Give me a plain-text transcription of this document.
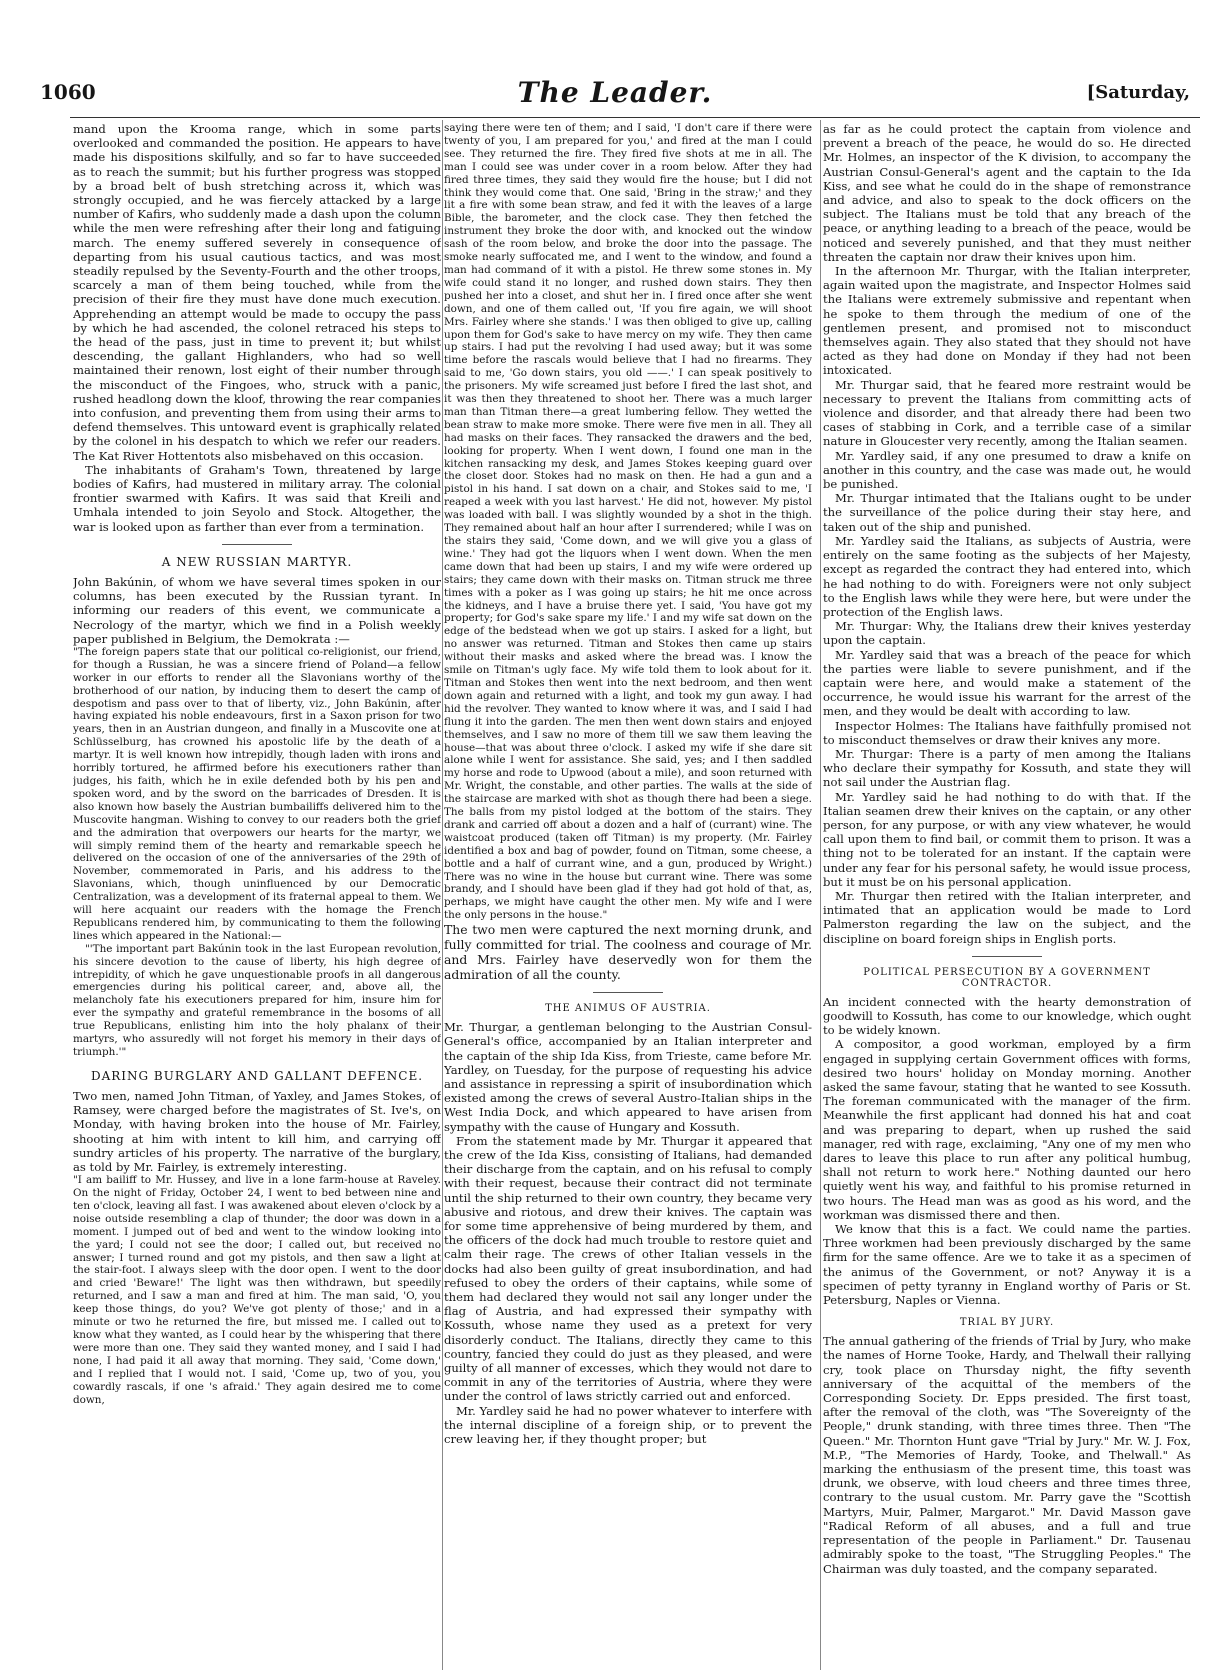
1060	The Leader.	[Saturday,

mand upon the Krooma range, which in some parts overlooked and commanded the position. He appears to have made his dispositions skilfully, and so far to have succeeded as to reach the summit; but his further progress was stopped by a broad belt of bush stretching across it, which was strongly occupied, and he was fiercely attacked by a large number of Kafirs, who suddenly made a dash upon the column while the men were refreshing after their long and fatiguing march. The enemy suffered severely in consequence of departing from his usual cautious tactics, and was most steadily repulsed by the Seventy-Fourth and the other troops, scarcely a man of them being touched, while from the precision of their fire they must have done much execution. Apprehending an attempt would be made to occupy the pass by which he had ascended, the colonel retraced his steps to the head of the pass, just in time to prevent it; but whilst descending, the gallant Highlanders, who had so well maintained their renown, lost eight of their number through the misconduct of the Fingoes, who, struck with a panic, rushed headlong down the kloof, throwing the rear companies into confusion, and preventing them from using their arms to defend themselves. This untoward event is graphically related by the colonel in his despatch to which we refer our readers. The Kat River Hottentots also misbehaved on this occasion.

The inhabitants of Graham's Town, threatened by large bodies of Kafirs, had mustered in military array. The colonial frontier swarmed with Kafirs. It was said that Kreili and Umhala intended to join Seyolo and Stock. Altogether, the war is looked upon as farther than ever from a termination.

A NEW RUSSIAN MARTYR.

John Bakúnin, of whom we have several times spoken in our columns, has been executed by the Russian tyrant. In informing our readers of this event, we communicate a Necrology of the martyr, which we find in a Polish weekly paper published in Belgium, the Demokrata :—

"The foreign papers state that our political co-religionist, our friend, for though a Russian, he was a sincere friend of Poland—a fellow worker in our efforts to render all the Slavonians worthy of the brotherhood of our nation, by inducing them to desert the camp of despotism and pass over to that of liberty, viz., John Bakúnin, after having expiated his noble endeavours, first in a Saxon prison for two years, then in an Austrian dungeon, and finally in a Muscovite one at Schlüsselburg, has crowned his apostolic life by the death of a martyr. It is well known how intrepidly, though laden with irons and horribly tortured, he affirmed before his executioners rather than judges, his faith, which he in exile defended both by his pen and spoken word, and by the sword on the barricades of Dresden. It is also known how basely the Austrian bumbailiffs delivered him to the Muscovite hangman. Wishing to convey to our readers both the grief and the admiration that overpowers our hearts for the martyr, we will simply remind them of the hearty and remarkable speech he delivered on the occasion of one of the anniversaries of the 29th of November, commemorated in Paris, and his address to the Slavonians, which, though uninfluenced by our Democratic Centralization, was a development of its fraternal appeal to them. We will here acquaint our readers with the homage the French Republicans rendered him, by communicating to them the following lines which appeared in the National:—

"'The important part Bakúnin took in the last European revolution, his sincere devotion to the cause of liberty, his high degree of intrepidity, of which he gave unquestionable proofs in all dangerous emergencies during his political career, and, above all, the melancholy fate his executioners prepared for him, insure him for ever the sympathy and grateful remembrance in the bosoms of all true Republicans, enlisting him into the holy phalanx of their martyrs, who assuredly will not forget his memory in their days of triumph.'"

DARING BURGLARY AND GALLANT DEFENCE.

Two men, named John Titman, of Yaxley, and James Stokes, of Ramsey, were charged before the magistrates of St. Ive's, on Monday, with having broken into the house of Mr. Fairley, shooting at him with intent to kill him, and carrying off sundry articles of his property. The narrative of the burglary, as told by Mr. Fairley, is extremely interesting.

"I am bailiff to Mr. Hussey, and live in a lone farm-house at Raveley. On the night of Friday, October 24, I went to bed between nine and ten o'clock, leaving all fast. I was awakened about eleven o'clock by a noise outside resembling a clap of thunder; the door was down in a moment. I jumped out of bed and went to the window looking into the yard; I could not see the door; I called out, but received no answer; I turned round and got my pistols, and then saw a light at the stair-foot. I always sleep with the door open. I went to the door and cried 'Beware!' The light was then withdrawn, but speedily returned, and I saw a man and fired at him. The man said, 'O, you keep those things, do you? We've got plenty of those;' and in a minute or two he returned the fire, but missed me. I called out to know what they wanted, as I could hear by the whispering that there were more than one. They said they wanted money, and I said I had none, I had paid it all away that morning. They said, 'Come down,' and I replied that I would not. I said, 'Come up, two of you, you cowardly rascals, if one 's afraid.' They again desired me to come down,

saying there were ten of them; and I said, 'I don't care if there were twenty of you, I am prepared for you,' and fired at the man I could see. They returned the fire. They fired five shots at me in all. The man I could see was under cover in a room below. After they had fired three times, they said they would fire the house; but I did not think they would come that. One said, 'Bring in the straw;' and they lit a fire with some bean straw, and fed it with the leaves of a large Bible, the barometer, and the clock case. They then fetched the instrument they broke the door with, and knocked out the window sash of the room below, and broke the door into the passage. The smoke nearly suffocated me, and I went to the window, and found a man had command of it with a pistol. He threw some stones in. My wife could stand it no longer, and rushed down stairs. They then pushed her into a closet, and shut her in. I fired once after she went down, and one of them called out, 'If you fire again, we will shoot Mrs. Fairley where she stands.' I was then obliged to give up, calling upon them for God's sake to have mercy on my wife. They then came up stairs. I had put the revolving I had used away; but it was some time before the rascals would believe that I had no firearms. They said to me, 'Go down stairs, you old ——.' I can speak positively to the prisoners. My wife screamed just before I fired the last shot, and it was then they threatened to shoot her. There was a much larger man than Titman there—a great lumbering fellow. They wetted the bean straw to make more smoke. There were five men in all. They all had masks on their faces. They ransacked the drawers and the bed, looking for property. When I went down, I found one man in the kitchen ransacking my desk, and James Stokes keeping guard over the closet door. Stokes had no mask on then. He had a gun and a pistol in his hand. I sat down on a chair, and Stokes said to me, 'I reaped a week with you last harvest.' He did not, however. My pistol was loaded with ball. I was slightly wounded by a shot in the thigh. They remained about half an hour after I surrendered; while I was on the stairs they said, 'Come down, and we will give you a glass of wine.' They had got the liquors when I went down. When the men came down that had been up stairs, I and my wife were ordered up stairs; they came down with their masks on. Titman struck me three times with a poker as I was going up stairs; he hit me once across the kidneys, and I have a bruise there yet. I said, 'You have got my property; for God's sake spare my life.' I and my wife sat down on the edge of the bedstead when we got up stairs. I asked for a light, but no answer was returned. Titman and Stokes then came up stairs without their masks and asked where the bread was. I know the smile on Titman's ugly face. My wife told them to look about for it. Titman and Stokes then went into the next bedroom, and then went down again and returned with a light, and took my gun away. I had hid the revolver. They wanted to know where it was, and I said I had flung it into the garden. The men then went down stairs and enjoyed themselves, and I saw no more of them till we saw them leaving the house—that was about three o'clock. I asked my wife if she dare sit alone while I went for assistance. She said, yes; and I then saddled my horse and rode to Upwood (about a mile), and soon returned with Mr. Wright, the constable, and other parties. The walls at the side of the staircase are marked with shot as though there had been a siege. The balls from my pistol lodged at the bottom of the stairs. They drank and carried off about a dozen and a half of (currant) wine. The waistcoat produced (taken off Titman) is my property. (Mr. Fairley identified a box and bag of powder, found on Titman, some cheese, a bottle and a half of currant wine, and a gun, produced by Wright.) There was no wine in the house but currant wine. There was some brandy, and I should have been glad if they had got hold of that, as, perhaps, we might have caught the other men. My wife and I were the only persons in the house."

The two men were captured the next morning drunk, and fully committed for trial. The coolness and courage of Mr. and Mrs. Fairley have deservedly won for them the admiration of all the county.

THE ANIMUS OF AUSTRIA.

Mr. Thurgar, a gentleman belonging to the Austrian Consul-General's office, accompanied by an Italian interpreter and the captain of the ship Ida Kiss, from Trieste, came before Mr. Yardley, on Tuesday, for the purpose of requesting his advice and assistance in repressing a spirit of insubordination which existed among the crews of several Austro-Italian ships in the West India Dock, and which appeared to have arisen from sympathy with the cause of Hungary and Kossuth.

From the statement made by Mr. Thurgar it appeared that the crew of the Ida Kiss, consisting of Italians, had demanded their discharge from the captain, and on his refusal to comply with their request, because their contract did not terminate until the ship returned to their own country, they became very abusive and riotous, and drew their knives. The captain was for some time apprehensive of being murdered by them, and the officers of the dock had much trouble to restore quiet and calm their rage. The crews of other Italian vessels in the docks had also been guilty of great insubordination, and had refused to obey the orders of their captains, while some of them had declared they would not sail any longer under the flag of Austria, and had expressed their sympathy with Kossuth, whose name they used as a pretext for very disorderly conduct. The Italians, directly they came to this country, fancied they could do just as they pleased, and were guilty of all manner of excesses, which they would not dare to commit in any of the territories of Austria, where they were under the control of laws strictly carried out and enforced.

Mr. Yardley said he had no power whatever to interfere with the internal discipline of a foreign ship, or to prevent the crew leaving her, if they thought proper; but

as far as he could protect the captain from violence and prevent a breach of the peace, he would do so. He directed Mr. Holmes, an inspector of the K division, to accompany the Austrian Consul-General's agent and the captain to the Ida Kiss, and see what he could do in the shape of remonstrance and advice, and also to speak to the dock officers on the subject. The Italians must be told that any breach of the peace, or anything leading to a breach of the peace, would be noticed and severely punished, and that they must neither threaten the captain nor draw their knives upon him.

In the afternoon Mr. Thurgar, with the Italian interpreter, again waited upon the magistrate, and Inspector Holmes said the Italians were extremely submissive and repentant when he spoke to them through the medium of one of the gentlemen present, and promised not to misconduct themselves again. They also stated that they should not have acted as they had done on Monday if they had not been intoxicated.

Mr. Thurgar said, that he feared more restraint would be necessary to prevent the Italians from committing acts of violence and disorder, and that already there had been two cases of stabbing in Cork, and a terrible case of a similar nature in Gloucester very recently, among the Italian seamen.

Mr. Yardley said, if any one presumed to draw a knife on another in this country, and the case was made out, he would be punished.

Mr. Thurgar intimated that the Italians ought to be under the surveillance of the police during their stay here, and taken out of the ship and punished.

Mr. Yardley said the Italians, as subjects of Austria, were entirely on the same footing as the subjects of her Majesty, except as regarded the contract they had entered into, which he had nothing to do with. Foreigners were not only subject to the English laws while they were here, but were under the protection of the English laws.

Mr. Thurgar: Why, the Italians drew their knives yesterday upon the captain.

Mr. Yardley said that was a breach of the peace for which the parties were liable to severe punishment, and if the captain were here, and would make a statement of the occurrence, he would issue his warrant for the arrest of the men, and they would be dealt with according to law.

Inspector Holmes: The Italians have faithfully promised not to misconduct themselves or draw their knives any more.

Mr. Thurgar: There is a party of men among the Italians who declare their sympathy for Kossuth, and state they will not sail under the Austrian flag.

Mr. Yardley said he had nothing to do with that. If the Italian seamen drew their knives on the captain, or any other person, for any purpose, or with any view whatever, he would call upon them to find bail, or commit them to prison. It was a thing not to be tolerated for an instant. If the captain were under any fear for his personal safety, he would issue process, but it must be on his personal application.

Mr. Thurgar then retired with the Italian interpreter, and intimated that an application would be made to Lord Palmerston regarding the law on the subject, and the discipline on board foreign ships in English ports.

POLITICAL PERSECUTION BY A GOVERNMENT CONTRACTOR.

An incident connected with the hearty demonstration of goodwill to Kossuth, has come to our knowledge, which ought to be widely known.

A compositor, a good workman, employed by a firm engaged in supplying certain Government offices with forms, desired two hours' holiday on Monday morning. Another asked the same favour, stating that he wanted to see Kossuth. The foreman communicated with the manager of the firm. Meanwhile the first applicant had donned his hat and coat and was preparing to depart, when up rushed the said manager, red with rage, exclaiming, "Any one of my men who dares to leave this place to run after any political humbug, shall not return to work here." Nothing daunted our hero quietly went his way, and faithful to his promise returned in two hours. The Head man was as good as his word, and the workman was dismissed there and then.

We know that this is a fact. We could name the parties. Three workmen had been previously discharged by the same firm for the same offence. Are we to take it as a specimen of the animus of the Government, or not? Anyway it is a specimen of petty tyranny in England worthy of Paris or St. Petersburg, Naples or Vienna.

TRIAL BY JURY.

The annual gathering of the friends of Trial by Jury, who make the names of Horne Tooke, Hardy, and Thelwall their rallying cry, took place on Thursday night, the fifty seventh anniversary of the acquittal of the members of the Corresponding Society. Dr. Epps presided. The first toast, after the removal of the cloth, was "The Sovereignty of the People," drunk standing, with three times three. Then "The Queen." Mr. Thornton Hunt gave "Trial by Jury." Mr. W. J. Fox, M.P., "The Memories of Hardy, Tooke, and Thelwall." As marking the enthusiasm of the present time, this toast was drunk, we observe, with loud cheers and three times three, contrary to the usual custom. Mr. Parry gave the "Scottish Martyrs, Muir, Palmer, Margarot." Mr. David Masson gave "Radical Reform of all abuses, and a full and true representation of the people in Parliament." Dr. Tausenau admirably spoke to the toast, "The Struggling Peoples." The Chairman was duly toasted, and the company separated.
